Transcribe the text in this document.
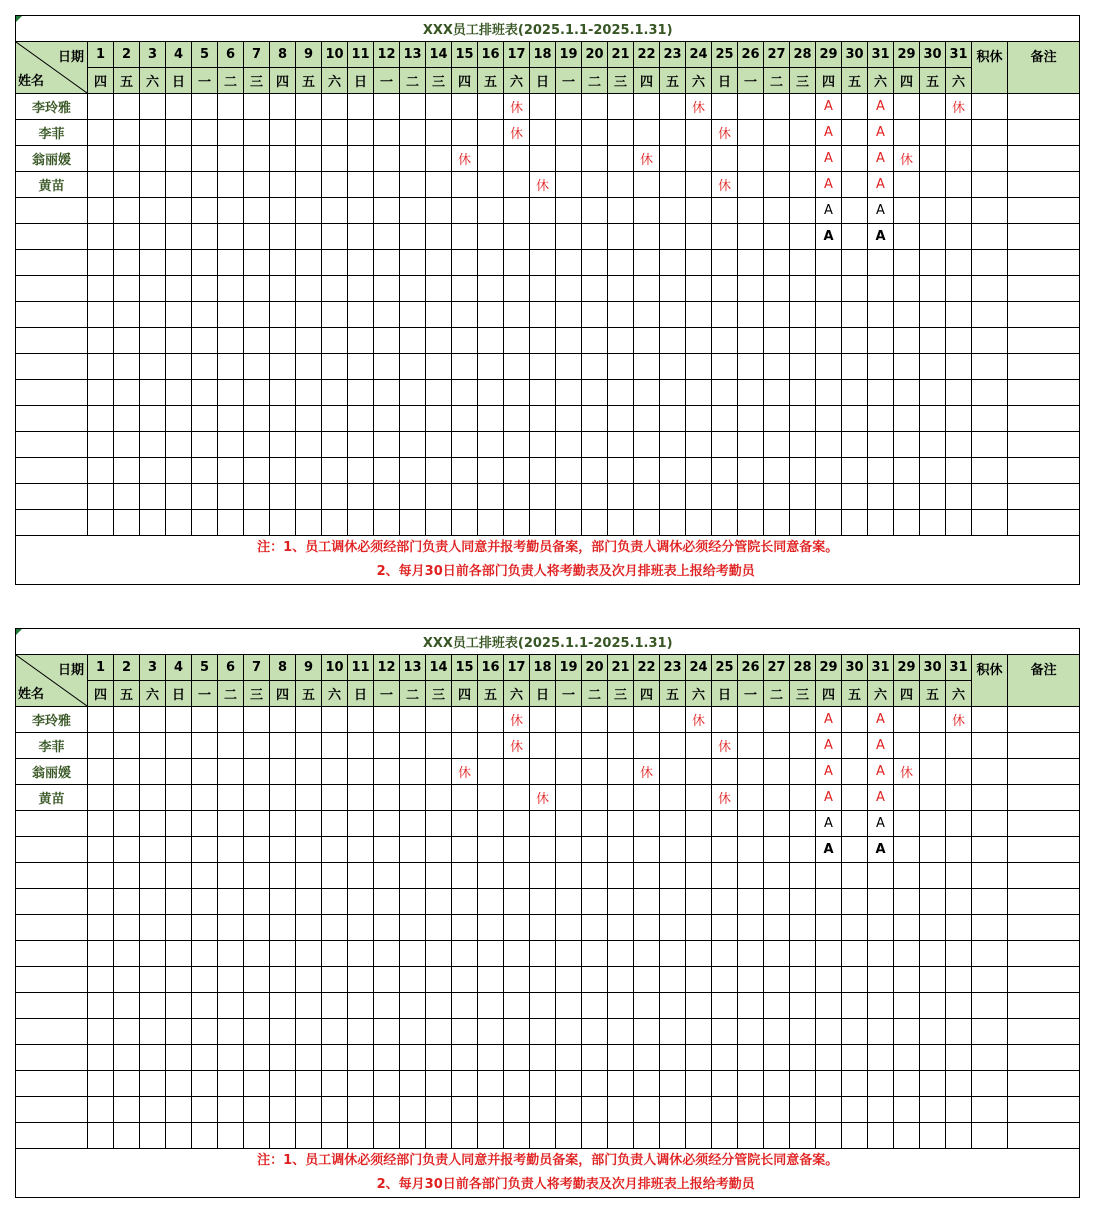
XXX员工排班表(2025.1.1-2025.1.31)																																				

日期
姓名	1	2	3	4	5	6	7	8	9	10	11	12	13	14	15	16	17	18	19	20	21	22	23	24	25	26	27	28	29	30	31	29	30	31	积休	备注
	四	五	六	日	一	二	三	四	五	六	日	一	二	三	四	五	六	日	一	二	三	四	五	六	日	一	二	三	四	五	六	四	五	六		
李玲雅																	休							休					A		A			休		
李菲																	休								休				A		A					
翁丽媛															休							休							A		A	休				
黄苗																		休							休				A		A					
																													A		A					
																													A		A					

注：1、员工调休必须经部门负责人同意并报考勤员备案，部门负责人调休必须经分管院长同意备案。
2、每月30日前各部门负责人将考勤表及次月排班表上报给考勤员																																				
XXX员工排班表(2025.1.1-2025.1.31)																																				

日期
姓名	1	2	3	4	5	6	7	8	9	10	11	12	13	14	15	16	17	18	19	20	21	22	23	24	25	26	27	28	29	30	31	29	30	31	积休	备注
	四	五	六	日	一	二	三	四	五	六	日	一	二	三	四	五	六	日	一	二	三	四	五	六	日	一	二	三	四	五	六	四	五	六		
李玲雅																	休							休					A		A			休		
李菲																	休								休				A		A					
翁丽媛															休							休							A		A	休				
黄苗																		休							休				A		A					
																													A		A					
																													A		A					

注：1、员工调休必须经部门负责人同意并报考勤员备案，部门负责人调休必须经分管院长同意备案。
2、每月30日前各部门负责人将考勤表及次月排班表上报给考勤员																																				
